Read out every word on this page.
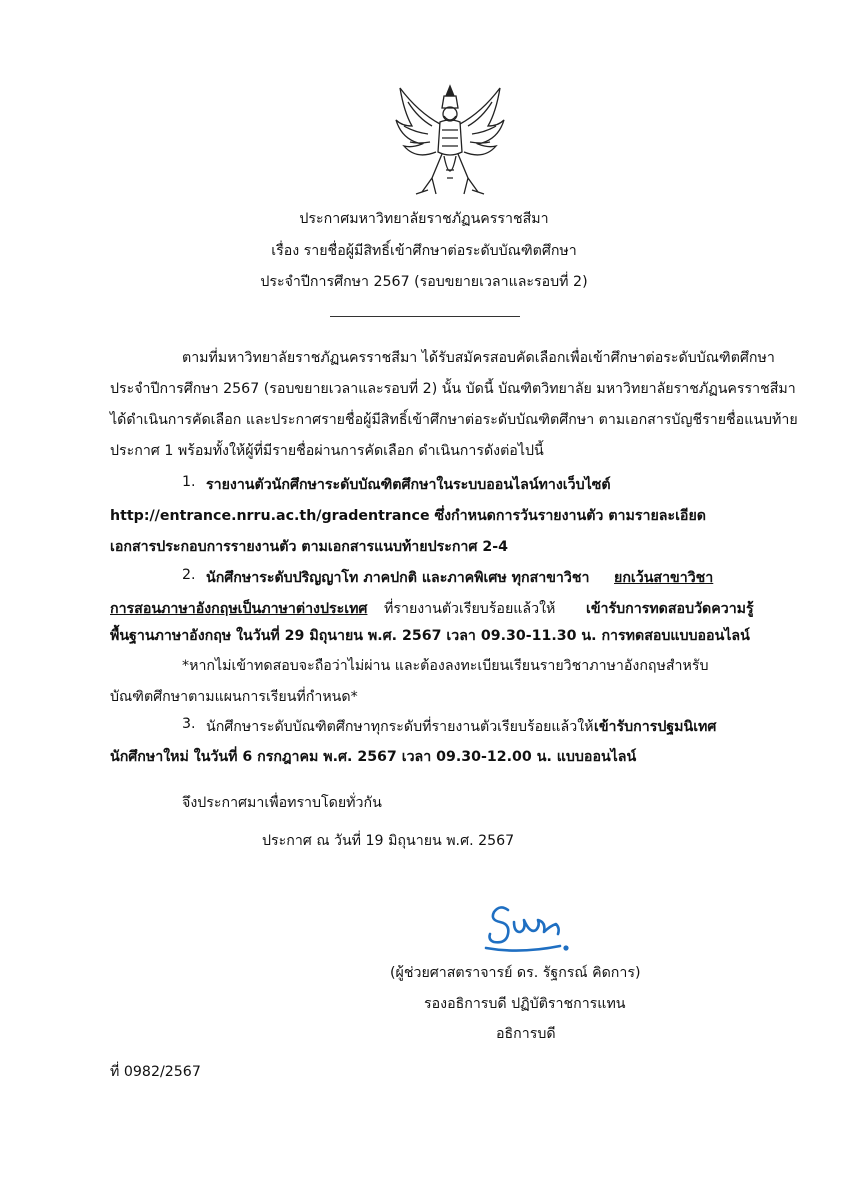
ประกาศมหาวิทยาลัยราชภัฏนครราชสีมา
เรื่อง รายชื่อผู้มีสิทธิ์เข้าศึกษาต่อระดับบัณฑิตศึกษา
ประจำปีการศึกษา 2567 (รอบขยายเวลาและรอบที่ 2)
ตามที่มหาวิทยาลัยราชภัฏนครราชสีมา ได้รับสมัครสอบคัดเลือกเพื่อเข้าศึกษาต่อระดับบัณฑิตศึกษา
ประจำปีการศึกษา 2567 (รอบขยายเวลาและรอบที่ 2) นั้น บัดนี้ บัณฑิตวิทยาลัย มหาวิทยาลัยราชภัฏนครราชสีมา
ได้ดำเนินการคัดเลือก และประกาศรายชื่อผู้มีสิทธิ์เข้าศึกษาต่อระดับบัณฑิตศึกษา ตามเอกสารบัญชีรายชื่อแนบท้าย
ประกาศ 1 พร้อมทั้งให้ผู้ที่มีรายชื่อผ่านการคัดเลือก ดำเนินการดังต่อไปนี้
1. รายงานตัวนักศึกษาระดับบัณฑิตศึกษาในระบบออนไลน์ทางเว็บไซต์
http://entrance.nrru.ac.th/gradentrance ซึ่งกำหนดการวันรายงานตัว ตามรายละเอียด
เอกสารประกอบการรายงานตัว ตามเอกสารแนบท้ายประกาศ 2-4
2. นักศึกษาระดับปริญญาโท ภาคปกติ และภาคพิเศษ ทุกสาขาวิชา ยกเว้นสาขาวิชา
การสอนภาษาอังกฤษเป็นภาษาต่างประเทศ ที่รายงานตัวเรียบร้อยแล้วให้ เข้ารับการทดสอบวัดความรู้
พื้นฐานภาษาอังกฤษ ในวันที่ 29 มิถุนายน พ.ศ. 2567 เวลา 09.30-11.30 น. การทดสอบแบบออนไลน์
*หากไม่เข้าทดสอบจะถือว่าไม่ผ่าน และต้องลงทะเบียนเรียนรายวิชาภาษาอังกฤษสำหรับ
บัณฑิตศึกษาตามแผนการเรียนที่กำหนด*
3. นักศึกษาระดับบัณฑิตศึกษาทุกระดับที่รายงานตัวเรียบร้อยแล้วให้ เข้ารับการปฐมนิเทศ
นักศึกษาใหม่ ในวันที่ 6 กรกฎาคม พ.ศ. 2567 เวลา 09.30-12.00 น. แบบออนไลน์
จึงประกาศมาเพื่อทราบโดยทั่วกัน
ประกาศ ณ วันที่ 19 มิถุนายน พ.ศ. 2567
(ผู้ช่วยศาสตราจารย์ ดร. รัฐกรณ์ คิดการ)
รองอธิการบดี ปฏิบัติราชการแทน
อธิการบดี
ที่ 0982/2567
